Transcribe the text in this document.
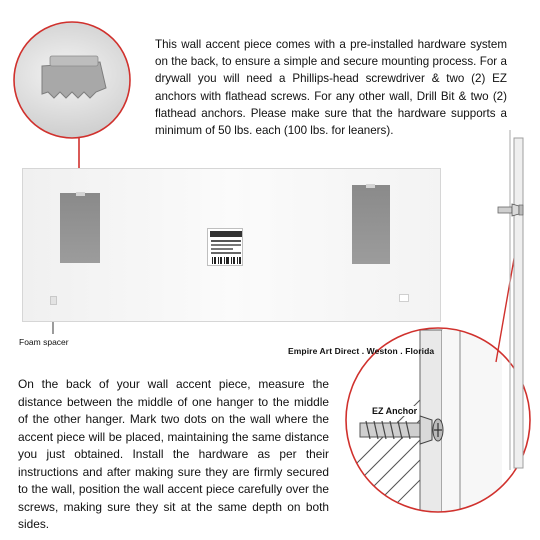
This wall accent piece comes with a pre-installed hardware system on the back, to ensure a simple and secure mounting process. For a drywall you will need a Phillips-head screwdriver & two (2) EZ anchors with flathead screws. For any other wall, Drill Bit & two (2) flathead anchors. Please make sure that the hardware supports a minimum of 50 lbs. each (100 lbs. for leaners).
Foam spacer
Empire Art Direct . Weston . Florida
On the back of your wall accent piece, measure the distance between the middle of one hanger to the middle of the other hanger. Mark two dots on the wall where the accent piece will be placed, maintaining the same distance you just obtained. Install the hardware as per their instructions and after making sure they are firmly secured to the wall, position the wall accent piece carefully over the screws, making sure they sit at the same depth on both sides.
EZ Anchor
